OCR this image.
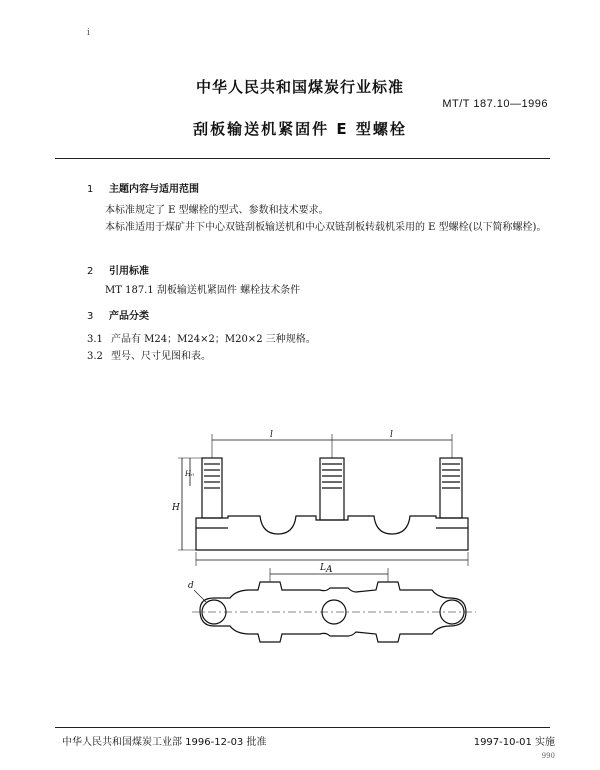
i
中华人民共和国煤炭行业标准
MT/T 187.10—1996
刮板输送机紧固件 E 型螺栓
1 主题内容与适用范围
本标准规定了 E 型螺栓的型式、参数和技术要求。
本标准适用于煤矿井下中心双链刮板输送机和中心双链刮板转载机采用的 E 型螺栓(以下简称螺栓)。
2 引用标准
MT 187.1 刮板输送机紧固件 螺栓技术条件
3 产品分类
3.1 产品有 M24；M24×2；M20×2 三种规格。
3.2 型号、尺寸见图和表。
l	l
L A
H
H₀
d
中华人民共和国煤炭工业部 1996-12-03 批准	1997-10-01 实施
990
